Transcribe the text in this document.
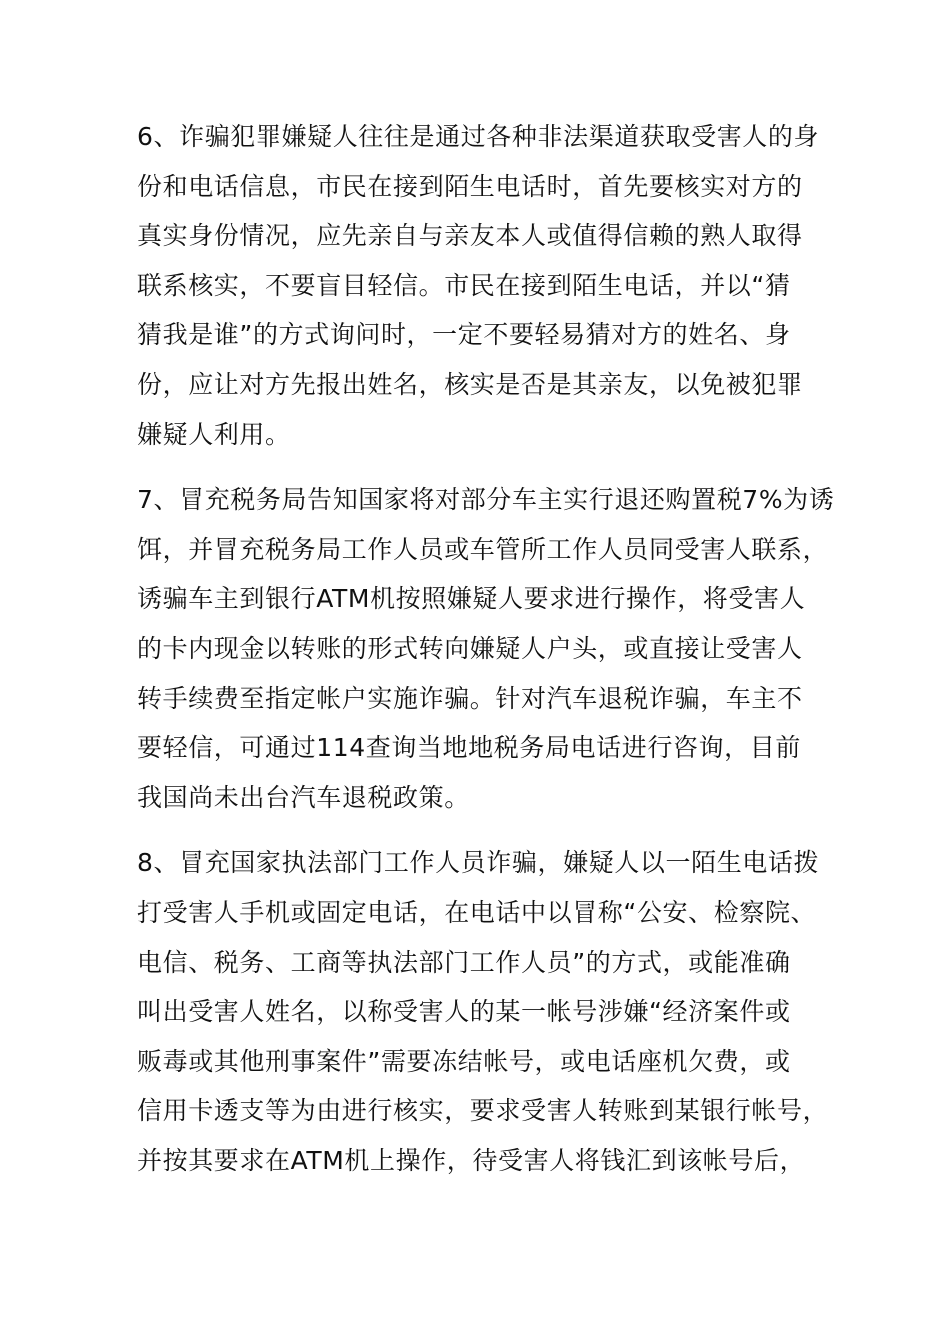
6、诈骗犯罪嫌疑人往往是通过各种非法渠道获取受害人的身
份和电话信息，市民在接到陌生电话时，首先要核实对方的
真实身份情况，应先亲自与亲友本人或值得信赖的熟人取得
联系核实，不要盲目轻信。市民在接到陌生电话，并以“猜
猜我是谁”的方式询问时，一定不要轻易猜对方的姓名、身
份，应让对方先报出姓名，核实是否是其亲友，以免被犯罪
嫌疑人利用。
7、冒充税务局告知国家将对部分车主实行退还购置税7%为诱
饵，并冒充税务局工作人员或车管所工作人员同受害人联系，
诱骗车主到银行ATM机按照嫌疑人要求进行操作，将受害人
的卡内现金以转账的形式转向嫌疑人户头，或直接让受害人
转手续费至指定帐户实施诈骗。针对汽车退税诈骗，车主不
要轻信，可通过114查询当地地税务局电话进行咨询，目前
我国尚未出台汽车退税政策。
8、冒充国家执法部门工作人员诈骗，嫌疑人以一陌生电话拨
打受害人手机或固定电话，在电话中以冒称“公安、检察院、
电信、税务、工商等执法部门工作人员”的方式，或能准确
叫出受害人姓名，以称受害人的某一帐号涉嫌“经济案件或
贩毒或其他刑事案件”需要冻结帐号，或电话座机欠费，或
信用卡透支等为由进行核实，要求受害人转账到某银行帐号，
并按其要求在ATM机上操作，待受害人将钱汇到该帐号后，
